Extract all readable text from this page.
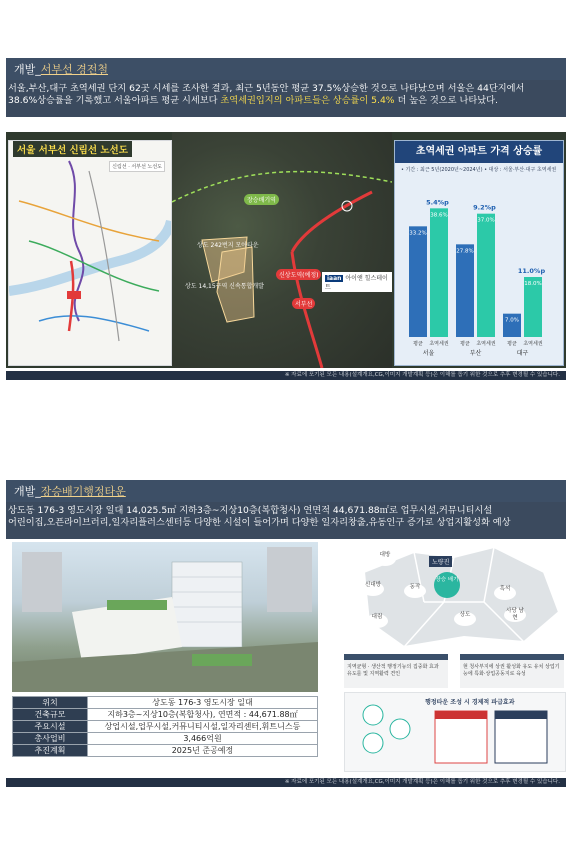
개발_ 서부선 경전철
서울,부산,대구 초역세권 단지 62곳 시세를 조사한 결과, 최근 5년동안 평균 37.5%상승한 것으로 나타났으며 서울은 44단지에서
38.6%상승률을 기록했고 서울아파트 평균 시세보다 초역세권입지의 아파트들은 상승률이 5.4% 더 높은 것으로 나타났다.
서울 서부선 신림선 노선도
신림선 · 서부선 노선도
장승배기역
상도 242번지 모아타운
상도 14,15구역 신속통합개발
신상도역(예정)
서부선
iaan 아이앤 힐스테이트
초역세권 아파트 가격 상승률
• 기간 : 최근 5년(2020년~2024년) • 대상 : 서울·부산·대구 초역세권
33.2%
평균
38.6%
초역세권
27.8%
평균
37.0%
초역세권
7.0%
평균
18.0%
초역세권
서울
5.4%p
부산
9.2%p
대구
11.0%p
※ 자료에 포기된 모든 내용(설계개요,CG,이미지 개발계획 등)은 이해를 돕기 위한 것으로 추후 변경될 수 있습니다.
개발_ 장승배기행정타운
상도동 176-3 영도시장 일대 14,025.5㎡ 지하3층~지상10층(복합청사) 연면적 44,671.88㎡로 업무시설,커뮤니티시설
어린이집,오픈라이브러리,일자리플러스센터등 다양한 시설이 들어가며 다양한 일자리창출,유동인구 증가로 상업지활성화 예상
위치	상도동 176-3 영도시장 일대
건축규모	지하3층~지상10층(복합청사), 연면적 : 44,671.88㎡
주요시설	상업시설,업무시설,커뮤니티시설,일자리센터,휘트니스등
총사업비	3,466억원
추진계획	2025년 준공예정
노량진
장승 배기
대방
신대방
대림
흑석
사당 남현
상도
동작
지역균형 · 생산적 행정기능의 집중화 효과 유도를 및 지역활력 견인
현 청사부지에 상권 활성화 유도 유치 상업기능에 특화·상업공동지로 육성
행정타운 조성 시 경제적 파급효과
※ 자료에 포기된 모든 내용(설계개요,CG,이미지 개발계획 등)은 이해를 돕기 위한 것으로 추후 변경될 수 있습니다.
